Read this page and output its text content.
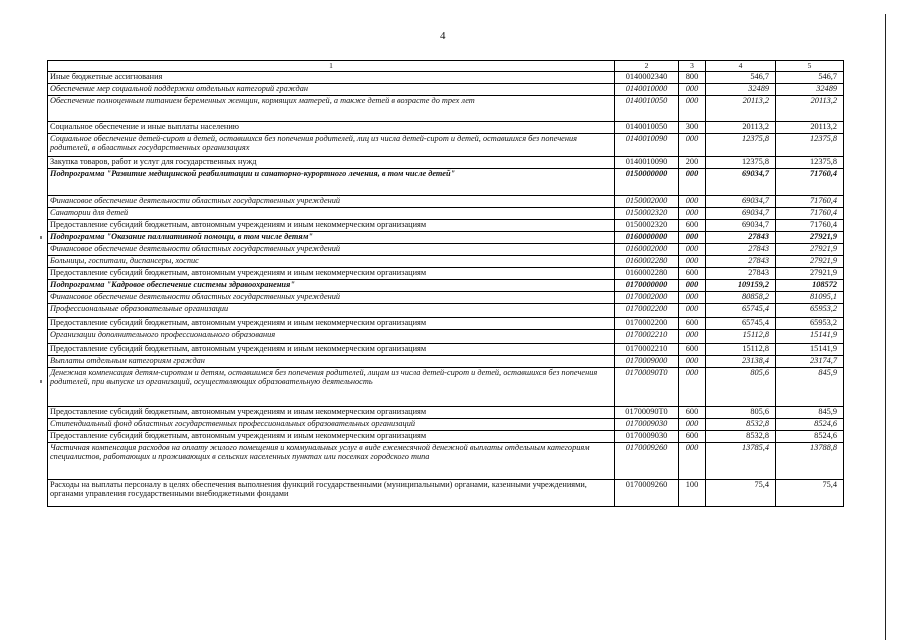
4
1	2	3	4	5
Иные бюджетные ассигнования	0140002340	800	546,7	546,7
Обеспечение мер социальной поддержки отдельных категорий граждан	0140010000	000	32489	32489
Обеспечение полноценным питанием беременных женщин, кормящих матерей, а также детей в возрасте до трех лет	0140010050	000	20113,2	20113,2
Социальное обеспечение и иные выплаты населению	0140010050	300	20113,2	20113,2
Социальное обеспечение детей-сирот и детей, оставшихся без попечения родителей, лиц из числа детей-сирот и детей, оставшихся без попечения родителей, в областных государственных организациях	0140010090	000	12375,8	12375,8
Закупка товаров, работ и услуг для государственных нужд	0140010090	200	12375,8	12375,8
Подпрограмма "Развитие медицинской реабилитации и санаторно-курортного лечения, в том числе детей"	0150000000	000	69034,7	71760,4
Финансовое обеспечение деятельности областных государственных учреждений	0150002000	000	69034,7	71760,4
Санатории для детей	0150002320	000	69034,7	71760,4
Предоставление субсидий бюджетным, автономным учреждениям и иным некоммерческим организациям	0150002320	600	69034,7	71760,4
Подпрограмма "Оказание паллиативной помощи, в том числе детям"	0160000000	000	27843	27921,9
Финансовое обеспечение деятельности областных государственных учреждений	0160002000	000	27843	27921,9
Больницы, госпитали, диспансеры, хоспис	0160002280	000	27843	27921,9
Предоставление субсидий бюджетным, автономным учреждениям и иным некоммерческим организациям	0160002280	600	27843	27921,9
Подпрограмма "Кадровое обеспечение системы здравоохранения"	0170000000	000	109159,2	108572
Финансовое обеспечение деятельности областных государственных учреждений	0170002000	000	80858,2	81095,1
Профессиональные образовательные организации	0170002200	000	65745,4	65953,2
Предоставление субсидий бюджетным, автономным учреждениям и иным некоммерческим организациям	0170002200	600	65745,4	65953,2
Организации дополнительного профессионального образования	0170002210	000	15112,8	15141,9
Предоставление субсидий бюджетным, автономным учреждениям и иным некоммерческим организациям	0170002210	600	15112,8	15141,9
Выплаты отдельным категориям граждан	0170009000	000	23138,4	23174,7
Денежная компенсация детям-сиротам и детям, оставшимся без попечения родителей, лицам из числа детей-сирот и детей, оставшихся без попечения родителей, при выпуске из организаций, осуществляющих образовательную деятельность	01700090Т0	000	805,6	845,9
Предоставление субсидий бюджетным, автономным учреждениям и иным некоммерческим организациям	01700090Т0	600	805,6	845,9
Стипендиальный фонд областных государственных профессиональных образовательных организаций	0170009030	000	8532,8	8524,6
Предоставление субсидий бюджетным, автономным учреждениям и иным некоммерческим организациям	0170009030	600	8532,8	8524,6
Частичная компенсация расходов на оплату жилого помещения и коммунальных услуг в виде ежемесячной денежной выплаты отдельным категориям специалистов, работающих и проживающих в сельских населенных пунктах или поселках городского типа	0170009260	000	13785,4	13788,8
Расходы на выплаты персоналу в целях обеспечения выполнения функций государственными (муниципальными) органами, казенными учреждениями, органами управления государственными внебюджетными фондами	0170009260	100	75,4	75,4
